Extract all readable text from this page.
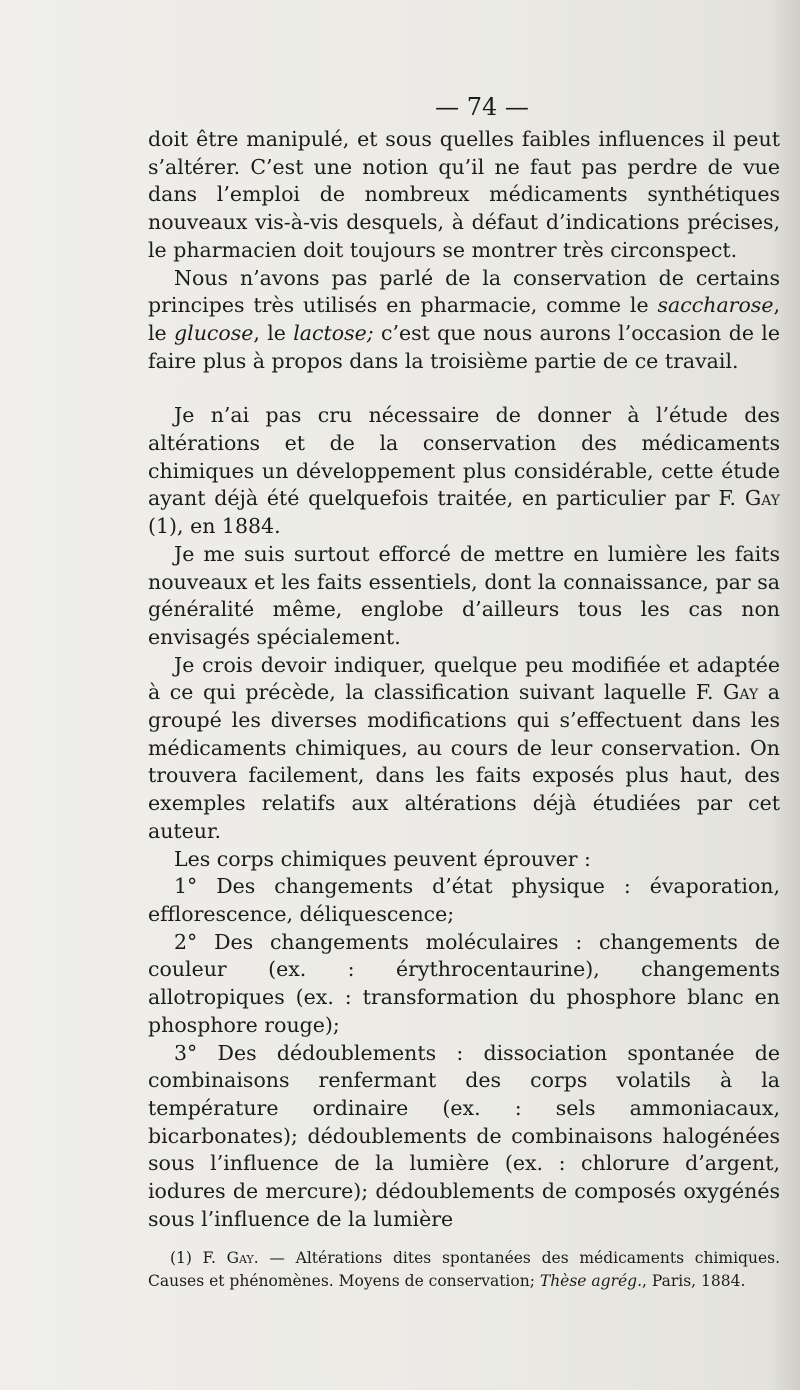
— 74 —

doit être manipulé, et sous quelles faibles influences il peut s’altérer. C’est une notion qu’il ne faut pas perdre de vue dans l’emploi de nombreux médicaments synthétiques nouveaux vis-à-vis desquels, à défaut d’indications précises, le pharmacien doit toujours se montrer très circonspect.

Nous n’avons pas parlé de la conservation de certains principes très utilisés en pharmacie, comme le saccharose, le glucose, le lactose; c’est que nous aurons l’occasion de le faire plus à propos dans la troisième partie de ce travail.

Je n’ai pas cru nécessaire de donner à l’étude des altérations et de la conservation des médicaments chimiques un développement plus considérable, cette étude ayant déjà été quelquefois traitée, en particulier par F. Gay (1), en 1884.

Je me suis surtout efforcé de mettre en lumière les faits nouveaux et les faits essentiels, dont la connaissance, par sa généralité même, englobe d’ailleurs tous les cas non envisagés spécialement.

Je crois devoir indiquer, quelque peu modifiée et adaptée à ce qui précède, la classification suivant laquelle F. Gay a groupé les diverses modifications qui s’effectuent dans les médicaments chimiques, au cours de leur conservation. On trouvera facilement, dans les faits exposés plus haut, des exemples relatifs aux altérations déjà étudiées par cet auteur.

Les corps chimiques peuvent éprouver :

1° Des changements d’état physique : évaporation, efflorescence, déliquescence;

2° Des changements moléculaires : changements de couleur (ex. : érythrocentaurine), changements allotropiques (ex. : transformation du phosphore blanc en phosphore rouge);

3° Des dédoublements : dissociation spontanée de combinaisons renfermant des corps volatils à la température ordinaire (ex. : sels ammoniacaux, bicarbonates); dédoublements de combinaisons halogénées sous l’influence de la lumière (ex. : chlorure d’argent, iodures de mercure); dédoublements de composés oxygénés sous l’influence de la lumière

(1) F. Gay. — Altérations dites spontanées des médicaments chimiques. Causes et phénomènes. Moyens de conservation; Thèse agrég., Paris, 1884.
